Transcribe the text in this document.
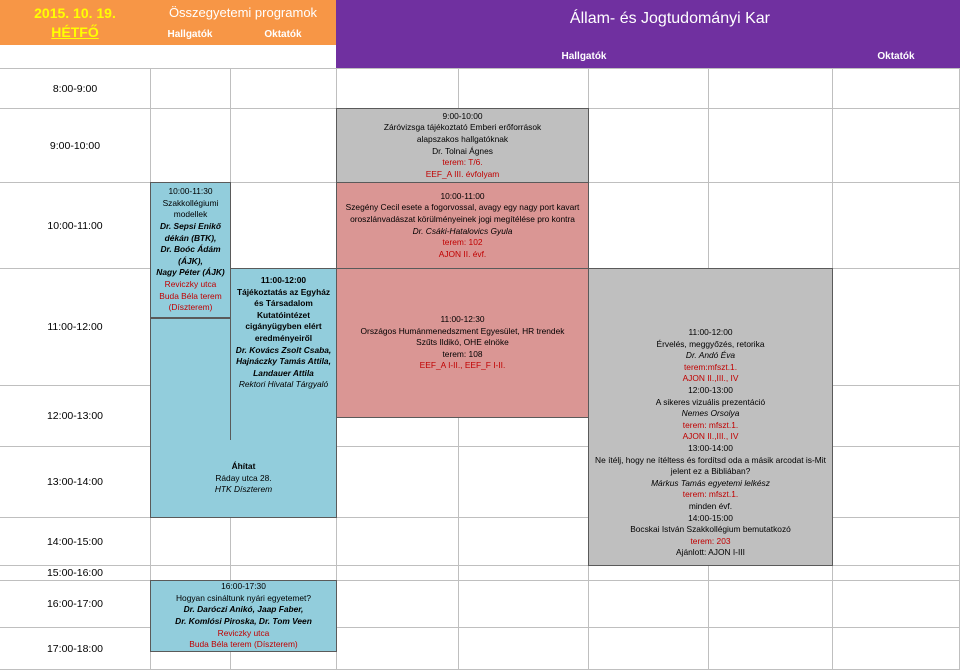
2015. 10. 19.
HÉTFŐ
Összegyetemi programok
Hallgatók	Oktatók
Állam- és Jogtudományi Kar
Hallgatók	Oktatók
8:00-9:00
9:00-10:00
10:00-11:00
11:00-12:00
12:00-13:00
13:00-14:00
14:00-15:00
15:00-16:00
16:00-17:00
17:00-18:00
10:00-11:30
Szakkollégiumi modellek
Dr. Sepsi Enikő dékán (BTK),
Dr. Boóc Ádám (ÁJK),
Nagy Péter (ÁJK)
Reviczky utca
Buda Béla terem (Díszterem)
11:00-12:00
Tájékoztatás az Egyház és Társadalom Kutatóintézet cigányügyben elért eredményeiről
Dr. Kovács Zsolt Csaba, Hajnáczky Tamás Attila, Landauer Attila
Rektori Hivatal Tárgyaló
Áhítat
Ráday utca 28.
HTK Díszterem
16:00-17:30
Hogyan csináltunk nyári egyetemet?
Dr. Daróczi Anikó, Jaap Faber,
Dr. Komlósi Piroska, Dr. Tom Veen
Reviczky utca
Buda Béla terem (Díszterem)
9:00-10:00
Záróvizsga tájékoztató Emberi erőforrások alapszakos hallgatóknak
Dr. Tolnai Ágnes
terem: T/6.
EEF_A III. évfolyam
10:00-11:00
Szegény Cecil esete a fogorvossal, avagy egy nagy port kavart oroszlánvadászat körülményeinek jogi megítélése pro kontra
Dr. Csáki-Hatalovics Gyula
terem: 102
AJON II. évf.
11:00-12:30
Országos Humánmenedszment Egyesület, HR trendek
Szűts Ildikó, OHE elnöke
terem: 108
EEF_A I-II., EEF_F I-II.
11:00-12:00
Érvelés, meggyőzés, retorika
Dr. Andó Éva
terem:mfszt.1.
AJON II.,III., IV
12:00-13:00
A sikeres vizuális prezentáció
Nemes Orsolya
terem: mfszt.1.
AJON II.,III., IV
13:00-14:00
Ne ítélj, hogy ne ítéltess és fordítsd oda a másik arcodat is-Mit jelent ez a Bibliában?
Márkus Tamás egyetemi lelkész
terem: mfszt.1.
minden évf.
14:00-15:00
Bocskai István Szakkollégium bemutatkozó
terem: 203
Ajánlott: AJON I-III
